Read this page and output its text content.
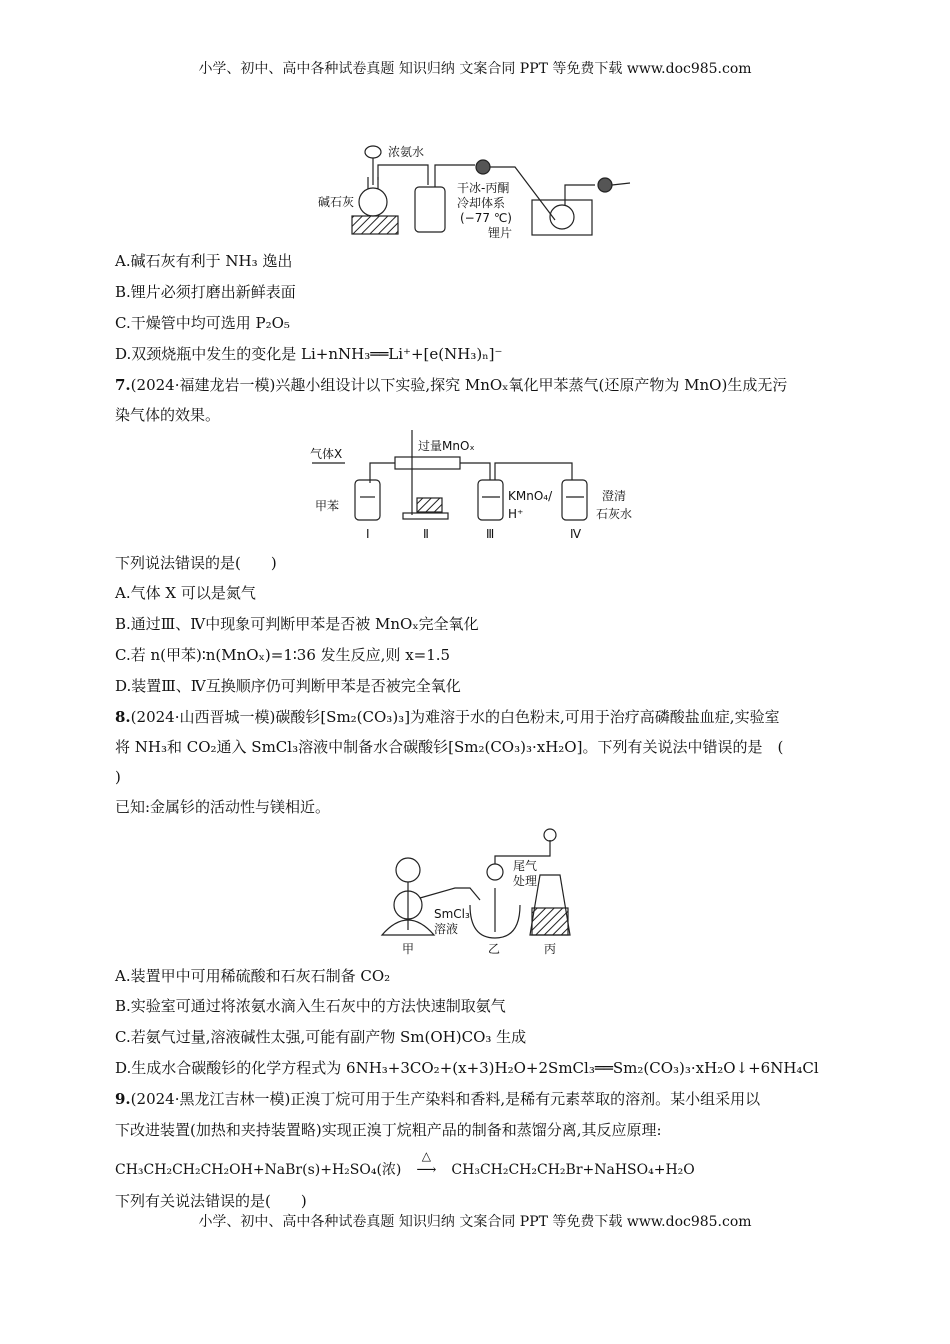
小学、初中、高中各种试卷真题 知识归纳 文案合同 PPT 等免费下载 www.doc985.com
浓氨水
碱石灰
干冰-丙酮
冷却体系
(−77 ℃)
锂片
A.碱石灰有利于 NH₃ 逸出
B.锂片必须打磨出新鲜表面
C.干燥管中均可选用 P₂O₅
D.双颈烧瓶中发生的变化是 Li+nNH₃══Li⁺+[e(NH₃)ₙ]⁻
7.(2024·福建龙岩一模)兴趣小组设计以下实验,探究 MnOₓ氧化甲苯蒸气(还原产物为 MnO)生成无污
染气体的效果。
气体X
过量MnOₓ
甲苯
KMnO₄/
H⁺
澄清
石灰水
Ⅰ	Ⅱ	Ⅲ	Ⅳ
下列说法错误的是(　　)
A.气体 X 可以是氮气
B.通过Ⅲ、Ⅳ中现象可判断甲苯是否被 MnOₓ完全氧化
C.若 n(甲苯)∶n(MnOₓ)=1∶36 发生反应,则 x=1.5
D.装置Ⅲ、Ⅳ互换顺序仍可判断甲苯是否被完全氧化
8.(2024·山西晋城一模)碳酸钐[Sm₂(CO₃)₃]为难溶于水的白色粉末,可用于治疗高磷酸盐血症,实验室
将 NH₃和 CO₂通入 SmCl₃溶液中制备水合碳酸钐[Sm₂(CO₃)₃·xH₂O]。下列有关说法中错误的是　(
)
已知:金属钐的活动性与镁相近。
尾气
处理
SmCl₃
溶液
甲	乙	丙
A.装置甲中可用稀硫酸和石灰石制备 CO₂
B.实验室可通过将浓氨水滴入生石灰中的方法快速制取氨气
C.若氨气过量,溶液碱性太强,可能有副产物 Sm(OH)CO₃ 生成
D.生成水合碳酸钐的化学方程式为 6NH₃+3CO₂+(x+3)H₂O+2SmCl₃══Sm₂(CO₃)₃·xH₂O↓+6NH₄Cl
9.(2024·黑龙江吉林一模)正溴丁烷可用于生产染料和香料,是稀有元素萃取的溶剂。某小组采用以
下改进装置(加热和夹持装置略)实现正溴丁烷粗产品的制备和蒸馏分离,其反应原理:
CH₃CH₂CH₂CH₂OH+NaBr(s)+H₂SO₄(浓)
△
⟶ CH₃CH₂CH₂CH₂Br+NaHSO₄+H₂O
下列有关说法错误的是(　　)
小学、初中、高中各种试卷真题 知识归纳 文案合同 PPT 等免费下载 www.doc985.com
